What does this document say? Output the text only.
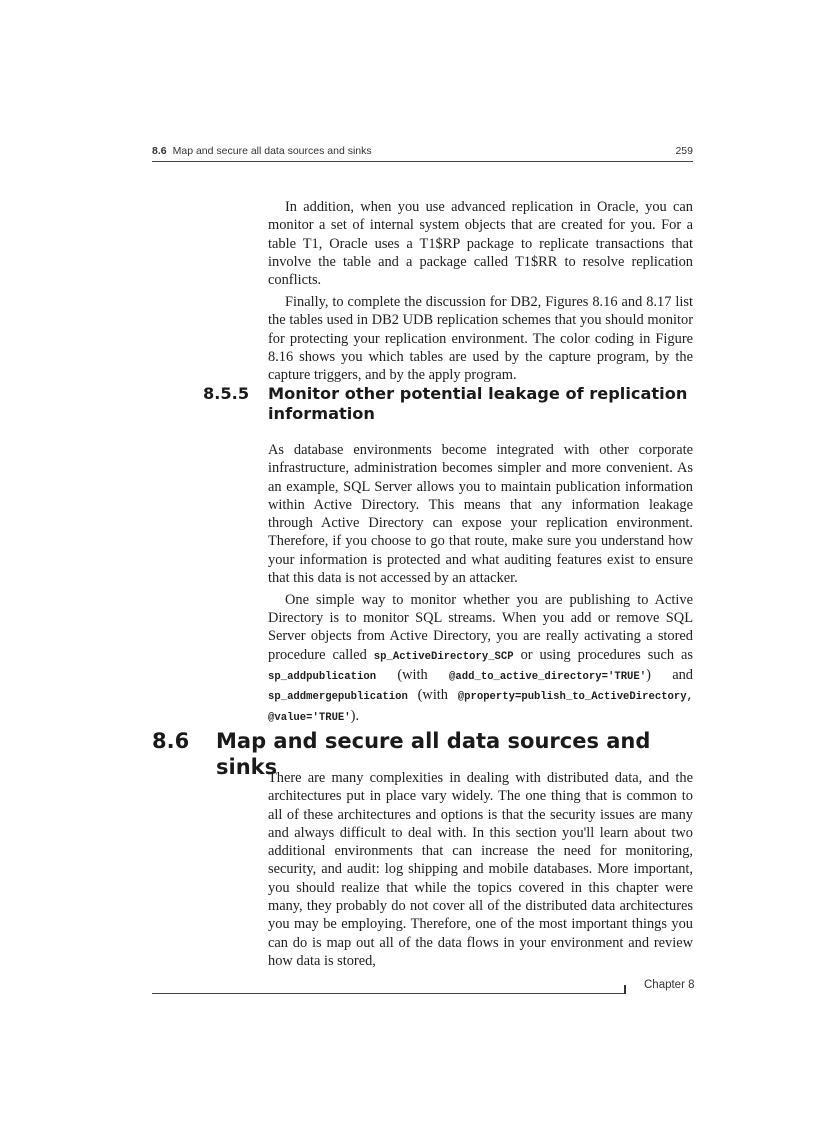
8.6 Map and secure all data sources and sinks	259

In addition, when you use advanced replication in Oracle, you can monitor a set of internal system objects that are created for you. For a table T1, Oracle uses a T1$RP package to replicate transactions that involve the table and a package called T1$RR to resolve replication conflicts.

Finally, to complete the discussion for DB2, Figures 8.16 and 8.17 list the tables used in DB2 UDB replication schemes that you should monitor for protecting your replication environment. The color coding in Figure 8.16 shows you which tables are used by the capture program, by the capture triggers, and by the apply program.

8.5.5 Monitor other potential leakage of replication information

As database environments become integrated with other corporate infrastructure, administration becomes simpler and more convenient. As an example, SQL Server allows you to maintain publication information within Active Directory. This means that any information leakage through Active Directory can expose your replication environment. Therefore, if you choose to go that route, make sure you understand how your information is protected and what auditing features exist to ensure that this data is not accessed by an attacker.

One simple way to monitor whether you are publishing to Active Directory is to monitor SQL streams. When you add or remove SQL Server objects from Active Directory, you are really activating a stored procedure called sp_ActiveDirectory_SCP or using procedures such as sp_addpublication (with @add_to_active_directory='TRUE') and sp_addmergepublication (with @property=publish_to_ActiveDirectory, @value='TRUE').

8.6 Map and secure all data sources and sinks

There are many complexities in dealing with distributed data, and the architectures put in place vary widely. The one thing that is common to all of these architectures and options is that the security issues are many and always difficult to deal with. In this section you'll learn about two additional environments that can increase the need for monitoring, security, and audit: log shipping and mobile databases. More important, you should realize that while the topics covered in this chapter were many, they probably do not cover all of the distributed data architectures you may be employing. Therefore, one of the most important things you can do is map out all of the data flows in your environment and review how data is stored,

Chapter 8
